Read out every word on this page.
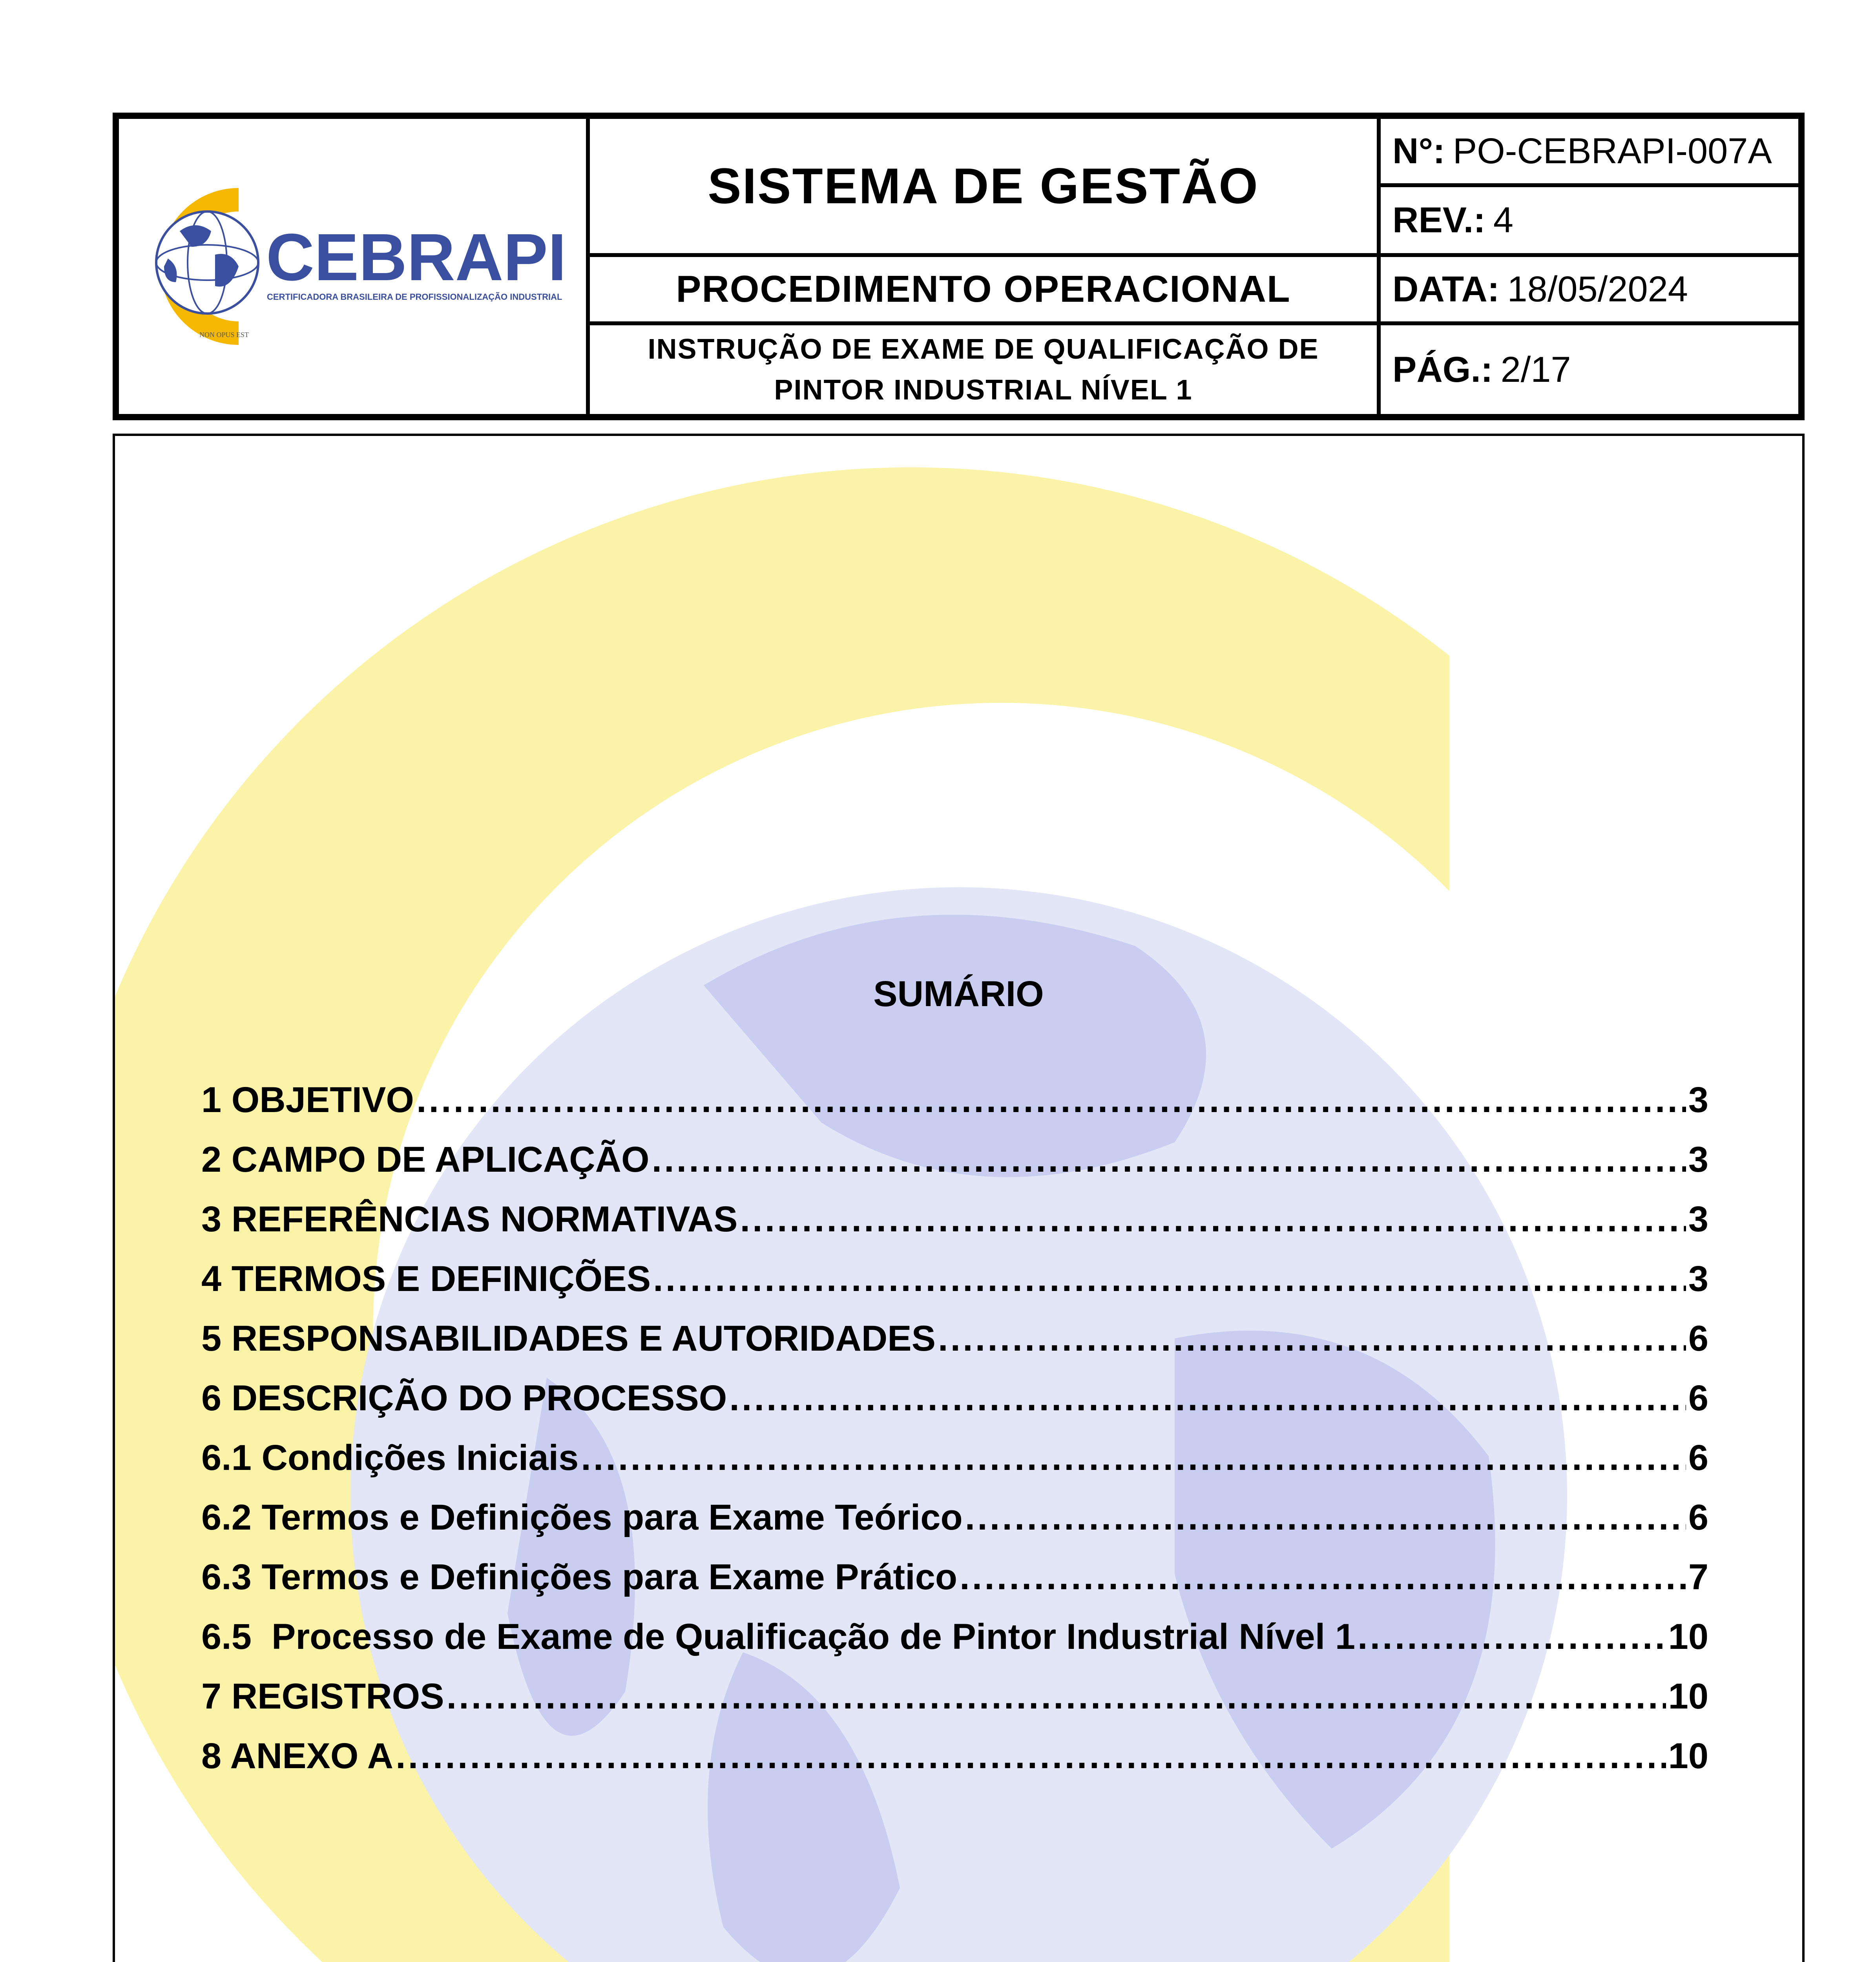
CEBRAPI
CERTIFICADORA BRASILEIRA DE PROFISSIONALIZAÇÃO INDUSTRIAL
NON OPUS EST
SISTEMA DE GESTÃO
PROCEDIMENTO OPERACIONAL
INSTRUÇÃO DE EXAME DE QUALIFICAÇÃO DE
PINTOR INDUSTRIAL NÍVEL 1
N°: PO-CEBRAPI-007A
REV.: 4
DATA: 18/05/2024
PÁG.: 2/17
SUMÁRIO
1 OBJETIVO .....	3
2 CAMPO DE APLICAÇÃO .....	3
3 REFERÊNCIAS NORMATIVAS .....	3
4 TERMOS E DEFINIÇÕES .....	3
5 RESPONSABILIDADES E AUTORIDADES .....	6
6 DESCRIÇÃO DO PROCESSO .....	6
6.1 Condições Iniciais .....	6
6.2 Termos e Definições para Exame Teórico .....	6
6.3 Termos e Definições para Exame Prático .....	7
6.5  Processo de Exame de Qualificação de Pintor Industrial Nível 1 .....	10
7 REGISTROS .....	10
8 ANEXO A .....	10
